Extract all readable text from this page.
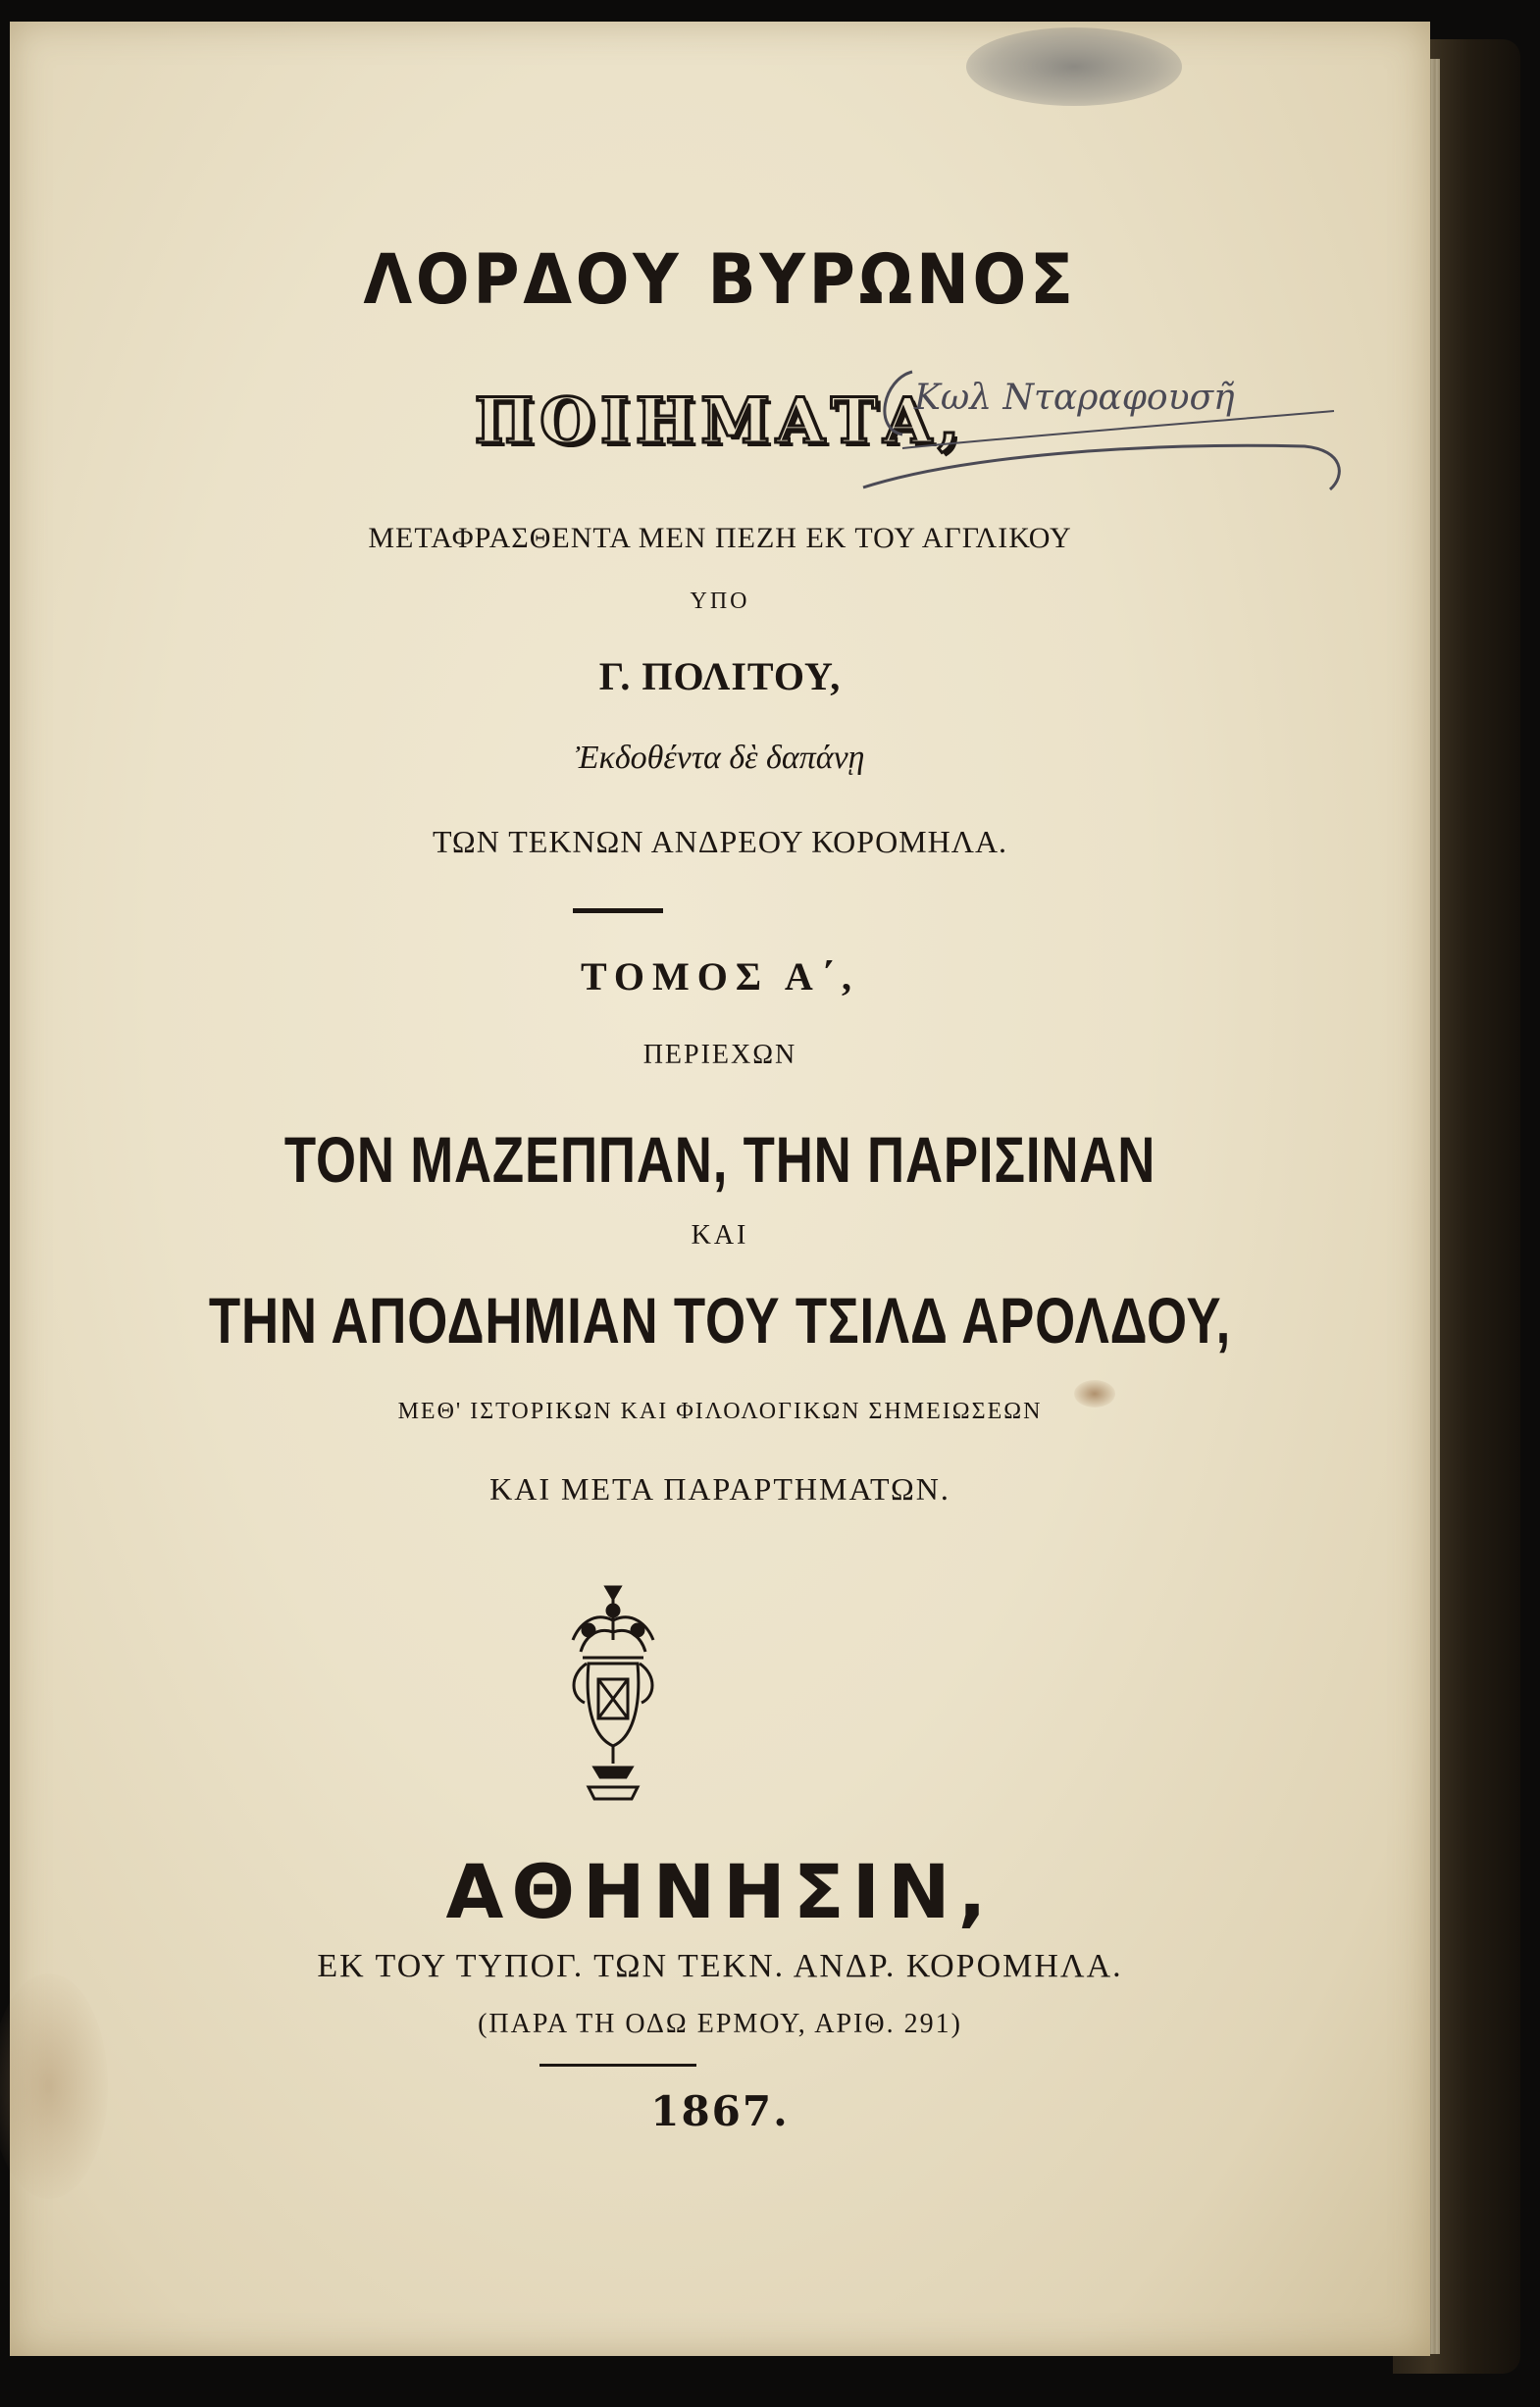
ΛΟΡΔΟΥ ΒΥΡΩΝΟΣ
ΠΟΙΗΜΑΤΑ,
Κωλ Νταραφουσῆ
ΜΕΤΑΦΡΑΣΘΕΝΤΑ ΜΕΝ ΠΕΖΗ ΕΚ ΤΟΥ ΑΓΓΛΙΚΟΥ
ΥΠΟ
Γ. ΠΟΛΙΤΟΥ,
Ἐκδοθέντα δὲ δαπάνῃ
ΤΩΝ ΤΕΚΝΩΝ ΑΝΔΡΕΟΥ ΚΟΡΟΜΗΛΑ.
ΤΟΜΟΣ Α΄,
ΠΕΡΙΕΧΩΝ
ΤΟΝ ΜΑΖΕΠΠΑΝ, ΤΗΝ ΠΑΡΙΣΙΝΑΝ
ΚΑΙ
ΤΗΝ ΑΠΟΔΗΜΙΑΝ ΤΟΥ ΤΣΙΛΔ ΑΡΟΛΔΟΥ,
ΜΕΘ' ΙΣΤΟΡΙΚΩΝ ΚΑΙ ΦΙΛΟΛΟΓΙΚΩΝ ΣΗΜΕΙΩΣΕΩΝ
ΚΑΙ ΜΕΤΑ ΠΑΡΑΡΤΗΜΑΤΩΝ.
ΑΘΗΝΗΣΙΝ,
ΕΚ ΤΟΥ ΤΥΠΟΓ. ΤΩΝ ΤΕΚΝ. ΑΝΔΡ. ΚΟΡΟΜΗΛΑ.
(ΠΑΡΑ ΤΗ ΟΔΩ ΕΡΜΟΥ, ΑΡΙΘ. 291)
1867.
